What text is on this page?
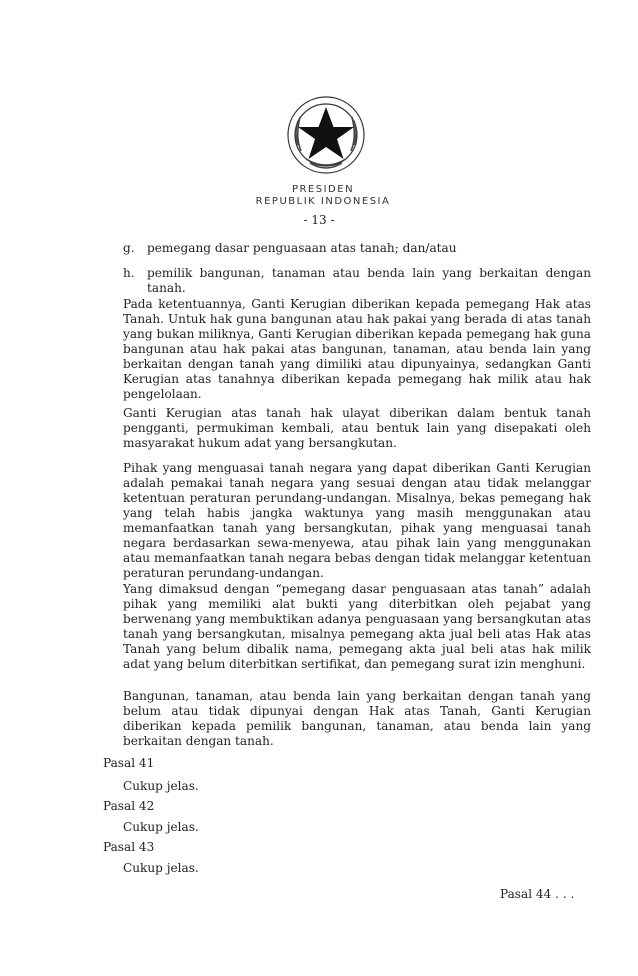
PRESIDEN
REPUBLIK INDONESIA
- 13 -
g. pemegang dasar penguasaan atas tanah; dan/atau
h. pemilik bangunan, tanaman atau benda lain yang berkaitan dengan tanah.

Pada ketentuannya, Ganti Kerugian diberikan kepada pemegang Hak atas Tanah. Untuk hak guna bangunan atau hak pakai yang berada di atas tanah yang bukan miliknya, Ganti Kerugian diberikan kepada pemegang hak guna bangunan atau hak pakai atas bangunan, tanaman, atau benda lain yang berkaitan dengan tanah yang dimiliki atau dipunyainya, sedangkan Ganti Kerugian atas tanahnya diberikan kepada pemegang hak milik atau hak pengelolaan.

Ganti Kerugian atas tanah hak ulayat diberikan dalam bentuk tanah pengganti, permukiman kembali, atau bentuk lain yang disepakati oleh masyarakat hukum adat yang bersangkutan.

Pihak yang menguasai tanah negara yang dapat diberikan Ganti Kerugian adalah pemakai tanah negara yang sesuai dengan atau tidak melanggar ketentuan peraturan perundang-undangan. Misalnya, bekas pemegang hak yang telah habis jangka waktunya yang masih menggunakan atau memanfaatkan tanah yang bersangkutan, pihak yang menguasai tanah negara berdasarkan sewa-menyewa, atau pihak lain yang menggunakan atau memanfaatkan tanah negara bebas dengan tidak melanggar ketentuan peraturan perundang-undangan.

Yang dimaksud dengan “pemegang dasar penguasaan atas tanah” adalah pihak yang memiliki alat bukti yang diterbitkan oleh pejabat yang berwenang yang membuktikan adanya penguasaan yang bersangkutan atas tanah yang bersangkutan, misalnya pemegang akta jual beli atas Hak atas Tanah yang belum dibalik nama, pemegang akta jual beli atas hak milik adat yang belum diterbitkan sertifikat, dan pemegang surat izin menghuni.

Bangunan, tanaman, atau benda lain yang berkaitan dengan tanah yang belum atau tidak dipunyai dengan Hak atas Tanah, Ganti Kerugian diberikan kepada pemilik bangunan, tanaman, atau benda lain yang berkaitan dengan tanah.

Pasal 41
Cukup jelas.
Pasal 42
Cukup jelas.
Pasal 43
Cukup jelas.
Pasal 44 . . .
